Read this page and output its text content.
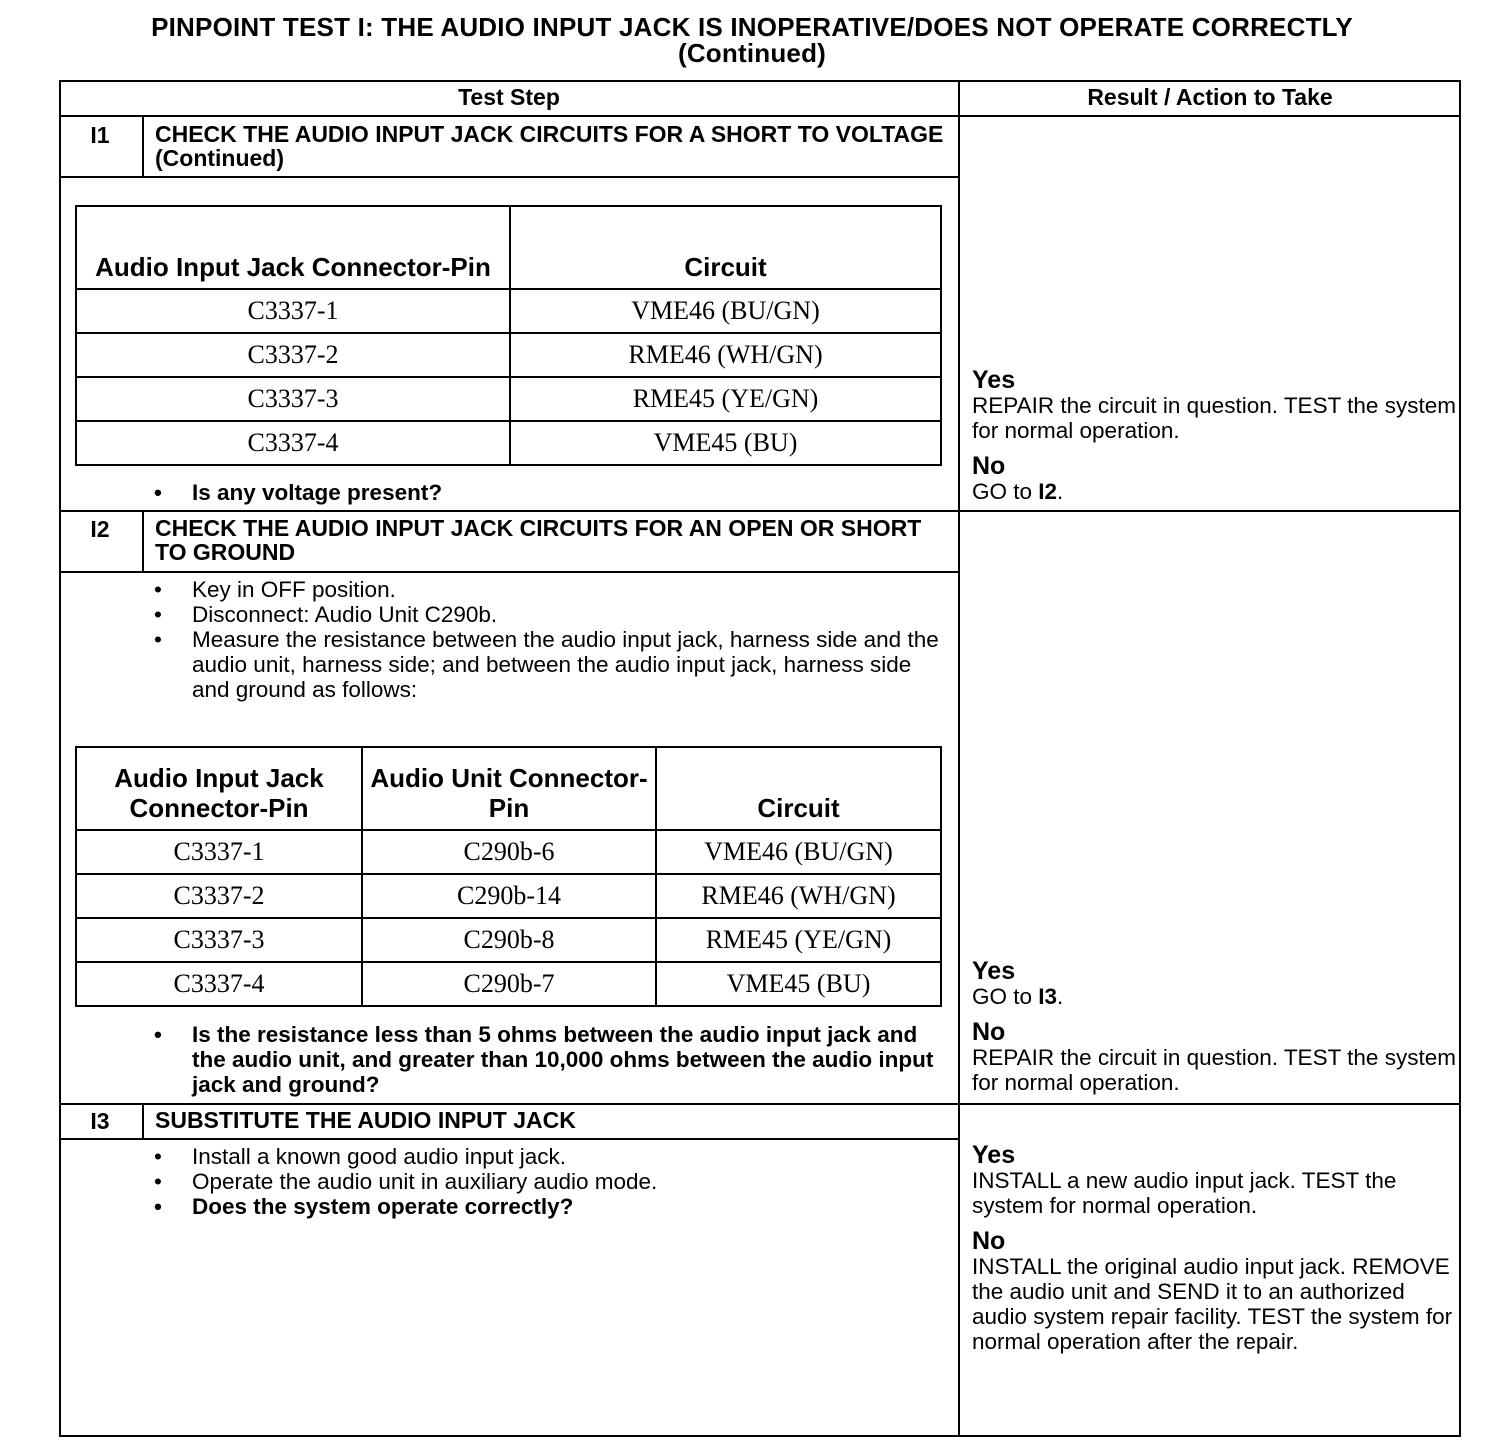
PINPOINT TEST I: THE AUDIO INPUT JACK IS INOPERATIVE/DOES NOT OPERATE CORRECTLY
(Continued)
Test Step	Result / Action to Take
I1	CHECK THE AUDIO INPUT JACK CIRCUITS FOR A SHORT TO VOLTAGE (Continued)
Audio Input Jack Connector-Pin	Circuit
C3337-1	VME46 (BU/GN)
C3337-2	RME46 (WH/GN)
C3337-3	RME45 (YE/GN)
C3337-4	VME45 (BU)
• Is any voltage present?
Yes
REPAIR the circuit in question. TEST the system for normal operation.
No
GO to I2.
I2	CHECK THE AUDIO INPUT JACK CIRCUITS FOR AN OPEN OR SHORT TO GROUND
• Key in OFF position.
• Disconnect: Audio Unit C290b.
• Measure the resistance between the audio input jack, harness side and the audio unit, harness side; and between the audio input jack, harness side and ground as follows:
Audio Input Jack Connector-Pin	Audio Unit Connector-Pin	Circuit
C3337-1	C290b-6	VME46 (BU/GN)
C3337-2	C290b-14	RME46 (WH/GN)
C3337-3	C290b-8	RME45 (YE/GN)
C3337-4	C290b-7	VME45 (BU)
• Is the resistance less than 5 ohms between the audio input jack and the audio unit, and greater than 10,000 ohms between the audio input jack and ground?
Yes
GO to I3.
No
REPAIR the circuit in question. TEST the system for normal operation.
I3	SUBSTITUTE THE AUDIO INPUT JACK
• Install a known good audio input jack.
• Operate the audio unit in auxiliary audio mode.
• Does the system operate correctly?
Yes
INSTALL a new audio input jack. TEST the system for normal operation.
No
INSTALL the original audio input jack. REMOVE the audio unit and SEND it to an authorized audio system repair facility. TEST the system for normal operation after the repair.
